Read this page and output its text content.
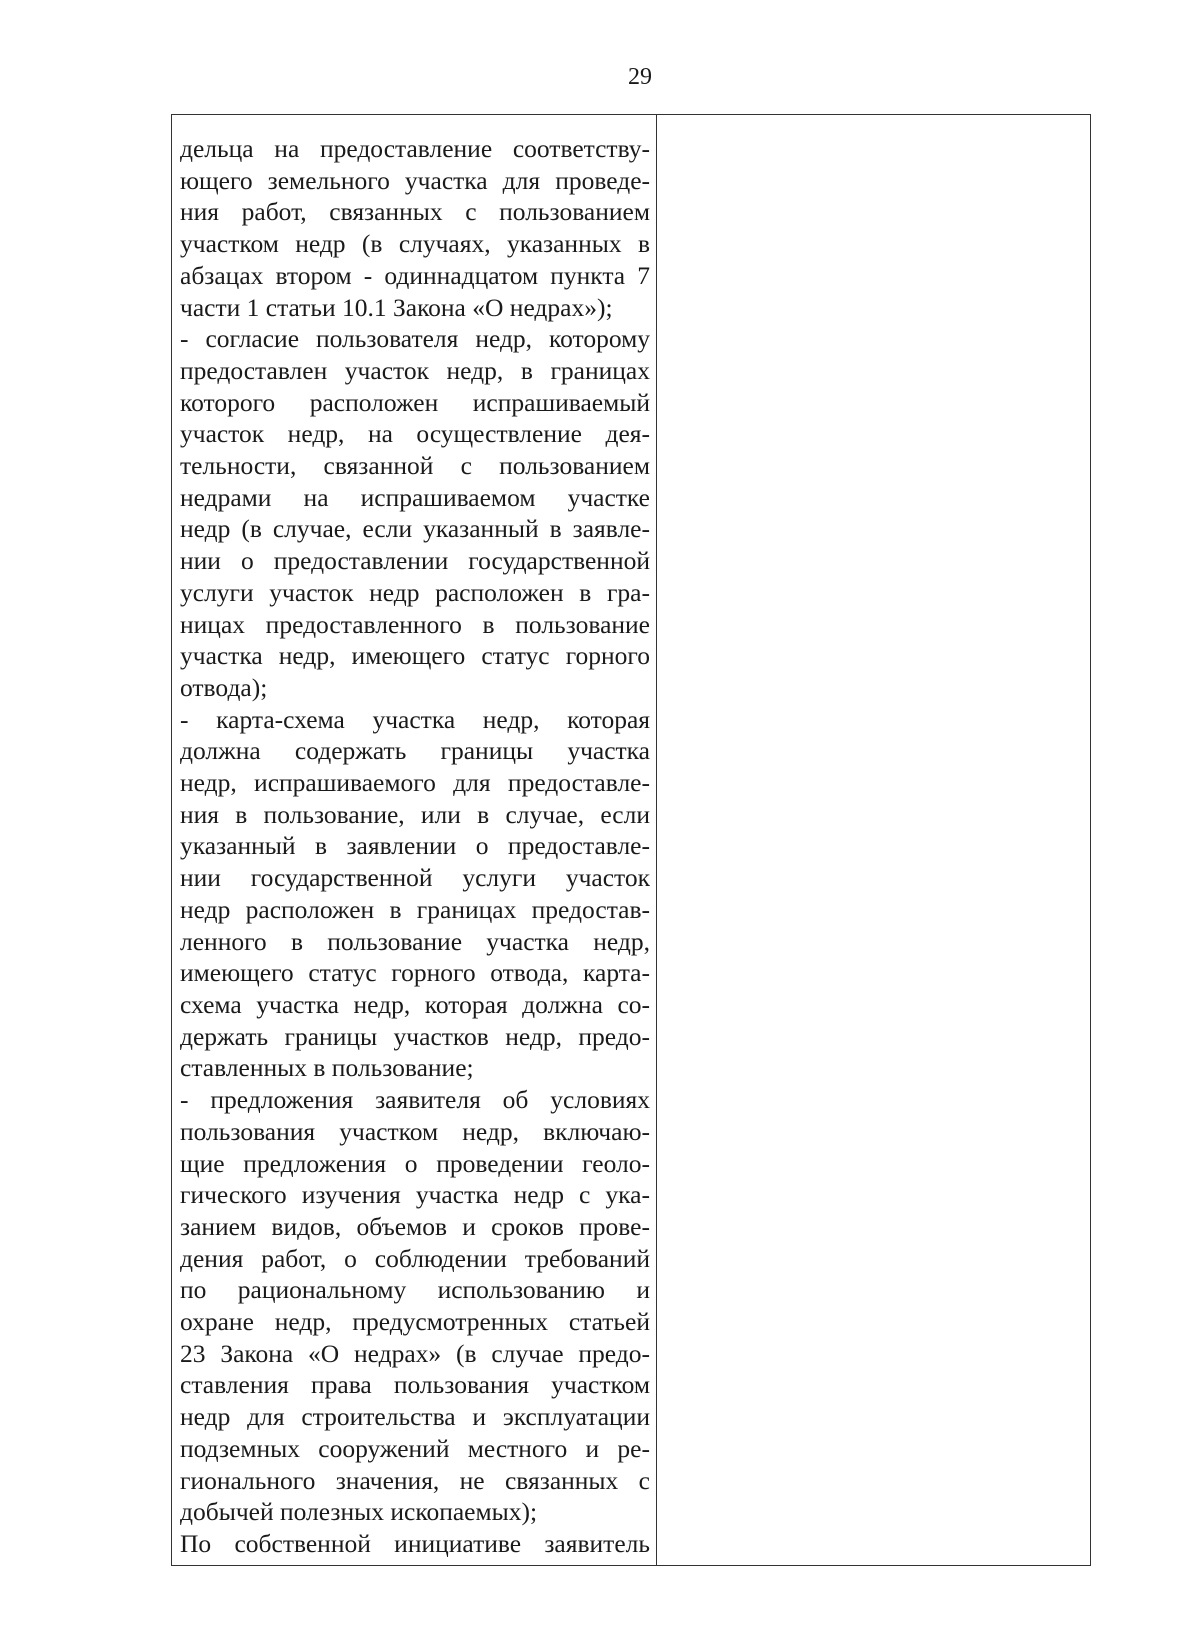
29
дельца на предоставление соответству-
ющего земельного участка для проведе-
ния работ, связанных с пользованием
участком недр (в случаях, указанных в
абзацах втором - одиннадцатом пункта 7
части 1 статьи 10.1 Закона «О недрах»);
- согласие пользователя недр, которому
предоставлен участок недр, в границах
которого расположен испрашиваемый
участок недр, на осуществление дея-
тельности, связанной с пользованием
недрами на испрашиваемом участке
недр (в случае, если указанный в заявле-
нии о предоставлении государственной
услуги участок недр расположен в гра-
ницах предоставленного в пользование
участка недр, имеющего статус горного
отвода);
- карта-схема участка недр, которая
должна содержать границы участка
недр, испрашиваемого для предоставле-
ния в пользование, или в случае, если
указанный в заявлении о предоставле-
нии государственной услуги участок
недр расположен в границах предостав-
ленного в пользование участка недр,
имеющего статус горного отвода, карта-
схема участка недр, которая должна со-
держать границы участков недр, предо-
ставленных в пользование;
- предложения заявителя об условиях
пользования участком недр, включаю-
щие предложения о проведении геоло-
гического изучения участка недр с ука-
занием видов, объемов и сроков прове-
дения работ, о соблюдении требований
по рациональному использованию и
охране недр, предусмотренных статьей
23 Закона «О недрах» (в случае предо-
ставления права пользования участком
недр для строительства и эксплуатации
подземных сооружений местного и ре-
гионального значения, не связанных с
добычей полезных ископаемых);
По собственной инициативе заявитель
